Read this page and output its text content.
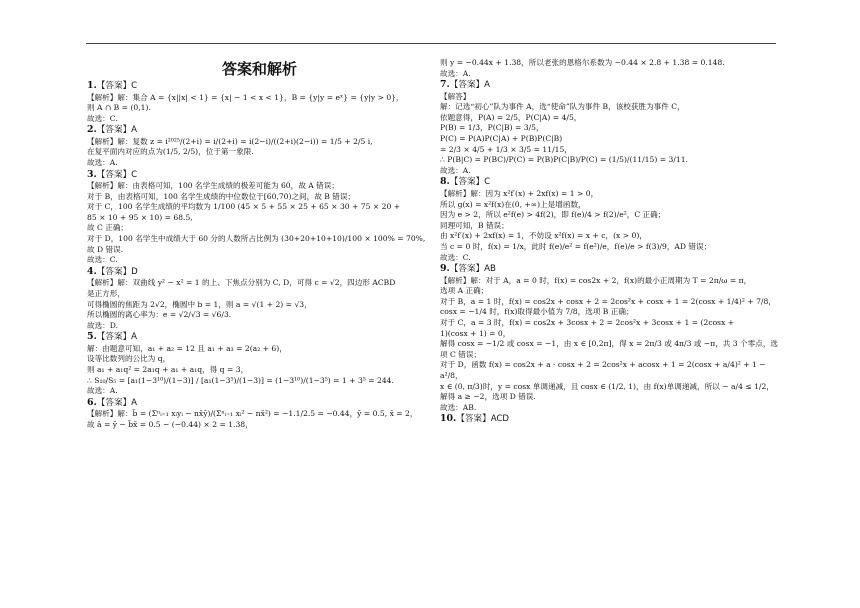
答案和解析
1.【答案】C
【解析】解：集合 A = {x||x| < 1} = {x| − 1 < x < 1}，B = {y|y = eˣ} = {y|y > 0}，
则 A ∩ B = (0,1).
故选：C.
2.【答案】A
【解析】解：复数 z = i²⁰²⁵/(2+i) = i/(2+i) = i(2−i)/((2+i)(2−i)) = 1/5 + 2/5 i,
在复平面内对应的点为(1/5, 2/5)，位于第一象限.
故选：A.
3.【答案】C
【解析】解：由表格可知，100 名学生成绩的极差可能为 60，故 A 错误；
对于 B，由表格可知，100 名学生成绩的中位数位于[60,70)之间，故 B 错误；
对于 C，100 名学生成绩的平均数为 1/100 (45 × 5 + 55 × 25 + 65 × 30 + 75 × 20 +
85 × 10 + 95 × 10) = 68.5,
故 C 正确；
对于 D，100 名学生中成绩大于 60 分的人数所占比例为 (30+20+10+10)/100 × 100% = 70%,
故 D 错误.
故选：C.
4.【答案】D
【解析】解：双曲线 y² − x² = 1 的上、下焦点分别为 C, D，可得 c = √2，四边形 ACBD
是正方形，
可得椭圆的焦距为 2√2，椭圆中 b = 1，则 a = √(1 + 2) = √3，
所以椭圆的离心率为：e = √2/√3 = √6/3.
故选：D.
5.【答案】A
解：由题意可知，a₁ + a₂ = 12 且 a₁ + a₃ = 2(a₂ + 6)，
设等比数列的公比为 q，
则 a₁ + a₁q² = 2a₁q + a₁ + a₁q，得 q = 3，
∴ S₁₀/S₅ = [a₁(1−3¹⁰)/(1−3)] / [a₁(1−3⁵)/(1−3)] = (1−3¹⁰)/(1−3⁵) = 1 + 3⁵ = 244.
故选：A.
6.【答案】A
【解析】解：b̂ = (Σⁿᵢ₌₁ xᵢyᵢ − nx̄ȳ)/(Σⁿᵢ₌₁ xᵢ² − nx̄²) = −1.1/2.5 = −0.44，ȳ = 0.5, x̄ = 2，
故 â = ȳ − b̂x̄ = 0.5 − (−0.44) × 2 = 1.38，
则 y = −0.44x + 1.38，所以老张的恩格尔系数为 −0.44 × 2.8 + 1.38 = 0.148.
故选：A.
7.【答案】A
【解答】
解：记选“初心”队为事件 A，选“使命”队为事件 B，该校获胜为事件 C，
依题意得，P(A) = 2/5，P(C|A) = 4/5，
P(B) = 1/3，P(C|B) = 3/5，
P(C) = P(A)P(C|A) + P(B)P(C|B)
= 2/3 × 4/5 + 1/3 × 3/5 = 11/15，
∴ P(B|C) = P(BC)/P(C) = P(B)P(C|B)/P(C) = (1/5)/(11/15) = 3/11.
故选：A.
8.【答案】C
【解析】解：因为 x²f′(x) + 2xf(x) = 1 > 0，
所以 g(x) = x²f(x)在(0, +∞)上是增函数，
因为 e > 2，所以 e²f(e) > 4f(2)，即 f(e)/4 > f(2)/e²，C 正确；
同理可知，B 错误；
由 x²f′(x) + 2xf(x) = 1，不妨设 x²f(x) = x + c，(x > 0)，
当 c = 0 时，f(x) = 1/x，此时 f(e)/e² = f(e²)/e，f(e)/e > f(3)/9，AD 错误；
故选：C.
9.【答案】AB
【解析】解：对于 A，a = 0 时，f(x) = cos2x + 2，f(x)的最小正周期为 T = 2π/ω = π，
选项 A 正确；
对于 B，a = 1 时，f(x) = cos2x + cosx + 2 = 2cos²x + cosx + 1 = 2(cosx + 1/4)² + 7/8，
cosx = −1/4 时，f(x)取得最小值为 7/8，选项 B 正确；
对于 C，a = 3 时，f(x) = cos2x + 3cosx + 2 = 2cos²x + 3cosx + 1 = (2cosx +
1)(cosx + 1) = 0，
解得 cosx = −1/2 或 cosx = −1，由 x ∈ [0,2π]，得 x = 2π/3 或 4π/3 或 −π，共 3 个零点，选
项 C 错误；
对于 D，函数 f(x) = cos2x + a · cosx + 2 = 2cos²x + acosx + 1 = 2(cosx + a/4)² + 1 −
a²/8，
x ∈ (0, π/3)时，y = cosx 单调递减，且 cosx ∈ (1/2, 1)，由 f(x)单调递减，所以 − a/4 ≤ 1/2，
解得 a ≥ −2，选项 D 错误.
故选：AB.
10.【答案】ACD
